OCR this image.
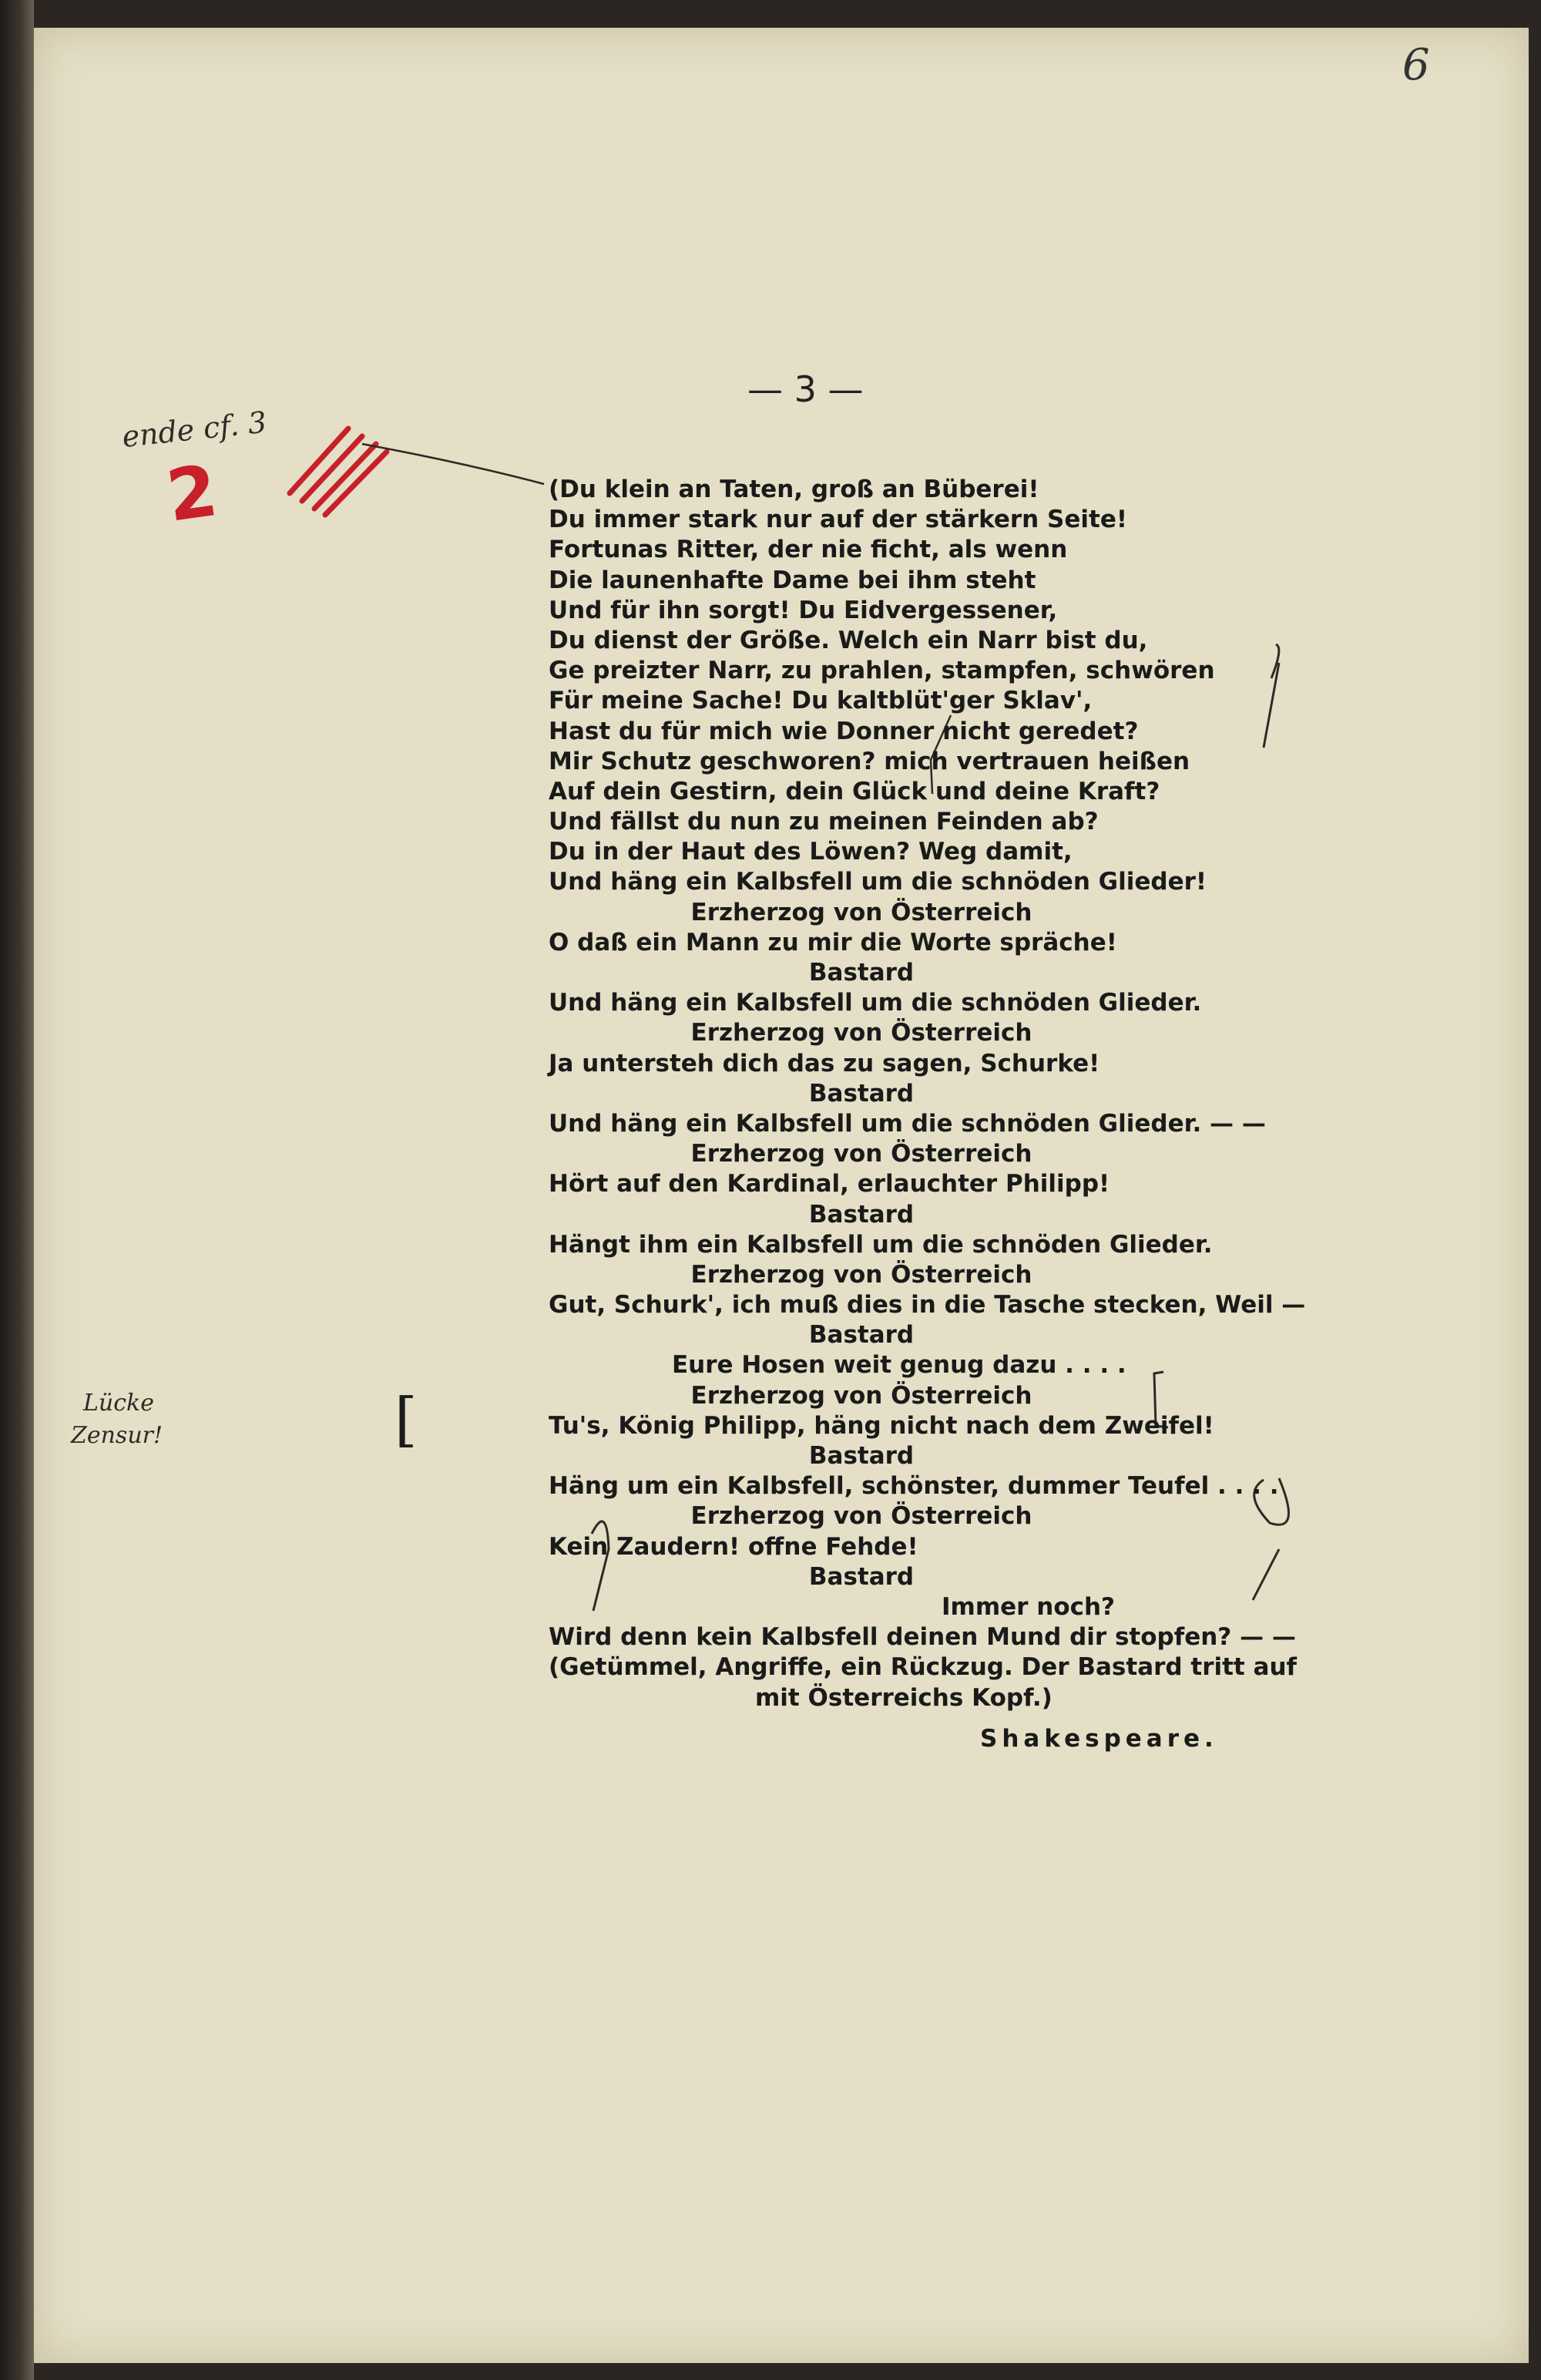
6
— 3 —
ende cf. 3
2
Lücke
Zensur!	[
(Du klein an Taten, groß an Büberei!
Du immer stark nur auf der stärkern Seite!
Fortunas Ritter, der nie ficht, als wenn
Die launenhafte Dame bei ihm steht
Und für ihn sorgt! Du Eidvergessener,
Du dienst der Größe. Welch ein Narr bist du,
Ge preizter Narr, zu prahlen, stampfen, schwören
Für meine Sache! Du kaltblüt'ger Sklav',
Hast du für mich wie Donner nicht geredet?
Mir Schutz geschworen? mich vertrauen heißen
Auf dein Gestirn, dein Glück und deine Kraft?
Und fällst du nun zu meinen Feinden ab?
Du in der Haut des Löwen? Weg damit,
Und häng ein Kalbsfell um die schnöden Glieder!
Erzherzog von Österreich
O daß ein Mann zu mir die Worte spräche!
Bastard
Und häng ein Kalbsfell um die schnöden Glieder.
Erzherzog von Österreich
Ja untersteh dich das zu sagen, Schurke!
Bastard
Und häng ein Kalbsfell um die schnöden Glieder. — —
Erzherzog von Österreich
Hört auf den Kardinal, erlauchter Philipp!
Bastard
Hängt ihm ein Kalbsfell um die schnöden Glieder.
Erzherzog von Österreich
Gut, Schurk', ich muß dies in die Tasche stecken, Weil —
Bastard
Eure Hosen weit genug dazu . . . .
Erzherzog von Österreich
Tu's, König Philipp, häng nicht nach dem Zweifel!
Bastard
Häng um ein Kalbsfell, schönster, dummer Teufel . . . .
Erzherzog von Österreich
Kein Zaudern! offne Fehde!
Bastard
Immer noch?
Wird denn kein Kalbsfell deinen Mund dir stopfen? — —
(Getümmel, Angriffe, ein Rückzug. Der Bastard tritt auf
mit Österreichs Kopf.)
Shakespeare.
